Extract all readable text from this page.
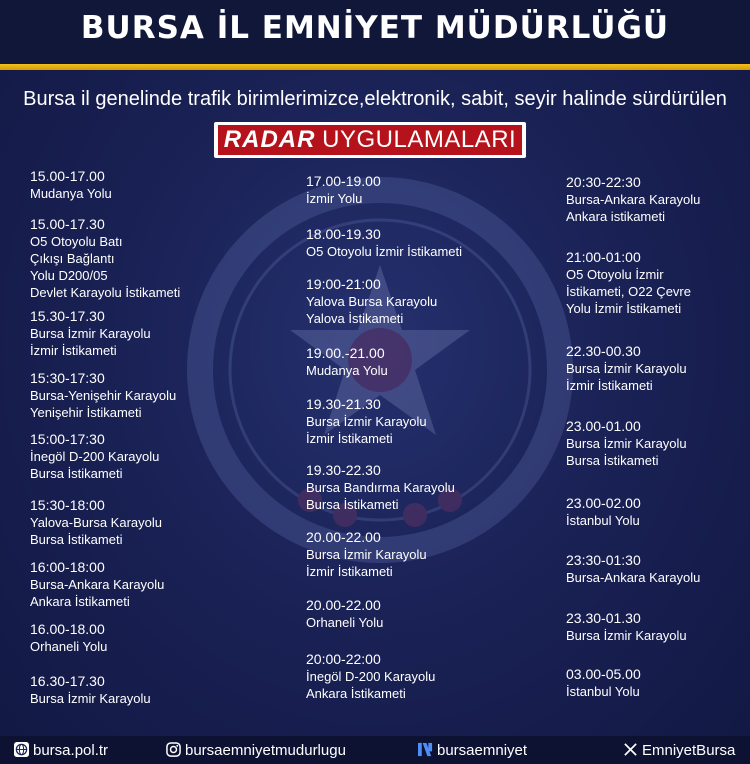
BURSA İL EMNİYET MÜDÜRLÜĞÜ
Bursa il genelinde trafik birimlerimizce,elektronik, sabit, seyir halinde sürdürülen
RADAR UYGULAMALARI
15.00-17.00
Mudanya Yolu
15.00-17.30
O5 Otoyolu Batı
Çıkışı Bağlantı
Yolu D200/05
Devlet Karayolu İstikameti
15.30-17.30
Bursa İzmir Karayolu
İzmir İstikameti
15:30-17:30
Bursa-Yenişehir Karayolu
Yenişehir İstikameti
15:00-17:30
İnegöl D-200 Karayolu
Bursa İstikameti
15:30-18:00
Yalova-Bursa Karayolu
Bursa İstikameti
16:00-18:00
Bursa-Ankara Karayolu
Ankara İstikameti
16.00-18.00
Orhaneli Yolu
16.30-17.30
Bursa İzmir Karayolu
17.00-19.00
İzmir Yolu
18.00-19.30
O5 Otoyolu İzmir İstikameti
19:00-21:00
Yalova Bursa Karayolu
Yalova İstikameti
19.00.-21.00
Mudanya Yolu
19.30-21.30
Bursa İzmir Karayolu
İzmir İstikameti
19.30-22.30
Bursa Bandırma Karayolu
Bursa İstikameti
20.00-22.00
Bursa İzmir Karayolu
İzmir İstikameti
20.00-22.00
Orhaneli Yolu
20:00-22:00
İnegöl D-200 Karayolu
Ankara İstikameti
20:30-22:30
Bursa-Ankara Karayolu
Ankara istikameti
21:00-01:00
O5 Otoyolu İzmir
İstikameti, O22 Çevre
Yolu İzmir İstikameti
22.30-00.30
Bursa İzmir Karayolu
İzmir İstikameti
23.00-01.00
Bursa İzmir Karayolu
Bursa İstikameti
23.00-02.00
İstanbul Yolu
23:30-01:30
Bursa-Ankara Karayolu
23.30-01.30
Bursa İzmir Karayolu
03.00-05.00
İstanbul Yolu
bursa.pol.tr	bursaemniyetmudurlugu	bursaemniyet	EmniyetBursa
